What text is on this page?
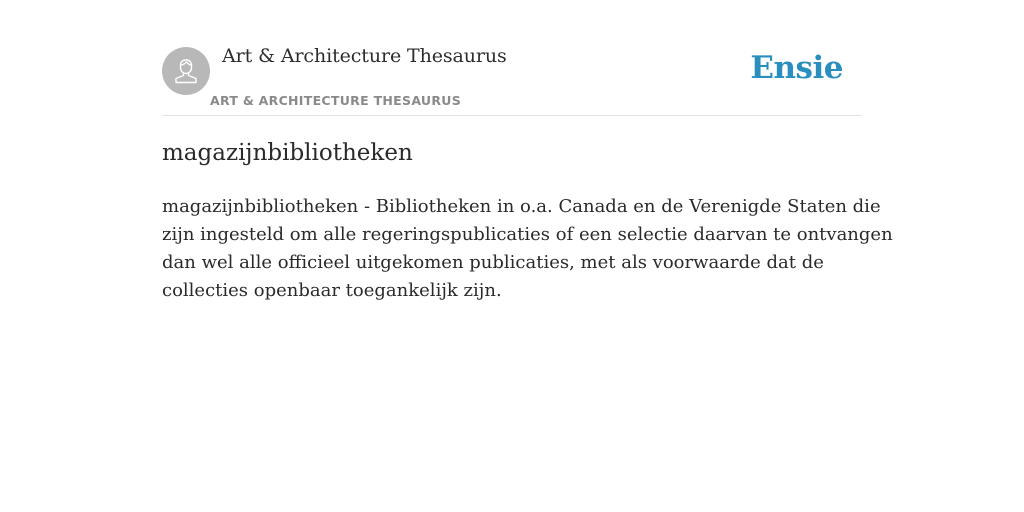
Art & Architecture Thesaurus
ART & ARCHITECTURE THESAURUS
Ensie
magazijnbibliotheken

magazijnbibliotheken - Bibliotheken in o.a. Canada en de Verenigde Staten die
zijn ingesteld om alle regeringspublicaties of een selectie daarvan te ontvangen
dan wel alle officieel uitgekomen publicaties, met als voorwaarde dat de
collecties openbaar toegankelijk zijn.
